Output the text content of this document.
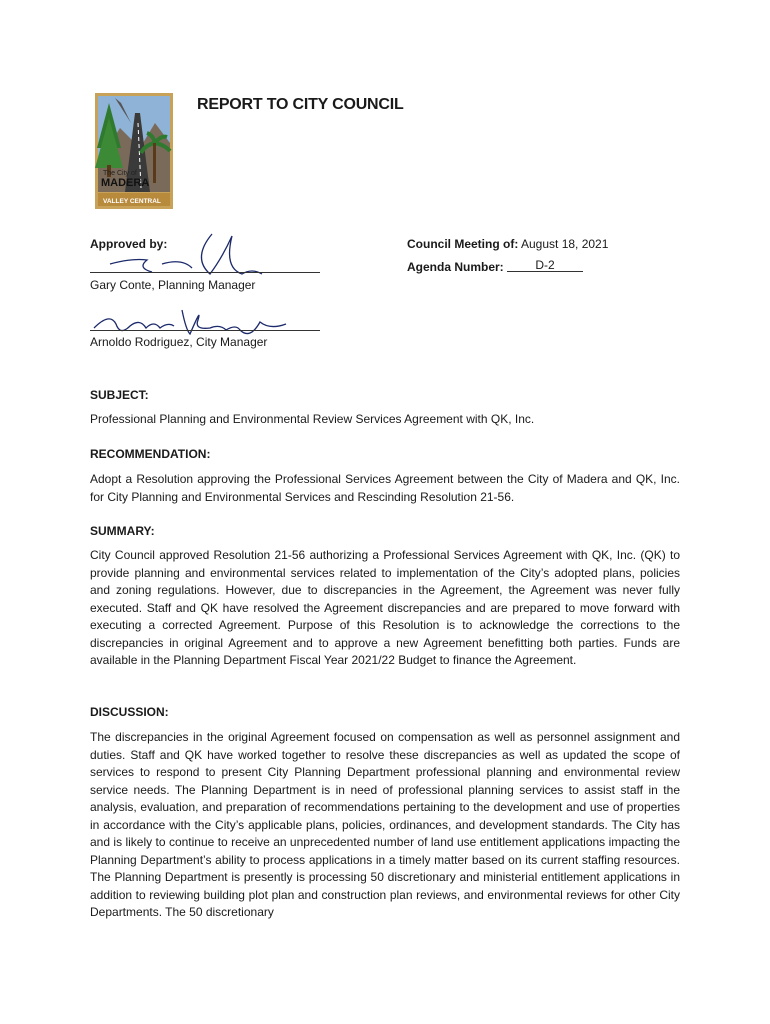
The City of
MADERA
VALLEY CENTRAL
REPORT TO CITY COUNCIL
Approved by:
Gary Conte, Planning Manager
Arnoldo Rodriguez, City Manager
Council Meeting of: August 18, 2021
Agenda Number:	D-2
SUBJECT:
Professional Planning and Environmental Review Services Agreement with QK, Inc.
RECOMMENDATION:
Adopt a Resolution approving the Professional Services Agreement between the City of Madera and QK, Inc. for City Planning and Environmental Services and Rescinding Resolution 21-56.
SUMMARY:
City Council approved Resolution 21-56 authorizing a Professional Services Agreement with QK, Inc. (QK) to provide planning and environmental services related to implementation of the City’s adopted plans, policies and zoning regulations. However, due to discrepancies in the Agreement, the Agreement was never fully executed. Staff and QK have resolved the Agreement discrepancies and are prepared to move forward with executing a corrected Agreement. Purpose of this Resolution is to acknowledge the corrections to the discrepancies in original Agreement and to approve a new Agreement benefitting both parties. Funds are available in the Planning Department Fiscal Year 2021/22 Budget to finance the Agreement.
DISCUSSION:
The discrepancies in the original Agreement focused on compensation as well as personnel assignment and duties. Staff and QK have worked together to resolve these discrepancies as well as updated the scope of services to respond to present City Planning Department professional planning and environmental review service needs. The Planning Department is in need of professional planning services to assist staff in the analysis, evaluation, and preparation of recommendations pertaining to the development and use of properties in accordance with the City’s applicable plans, policies, ordinances, and development standards. The City has and is likely to continue to receive an unprecedented number of land use entitlement applications impacting the Planning Department’s ability to process applications in a timely matter based on its current staffing resources. The Planning Department is presently is processing 50 discretionary and ministerial entitlement applications in addition to reviewing building plot plan and construction plan reviews, and environmental reviews for other City Departments. The 50 discretionary
